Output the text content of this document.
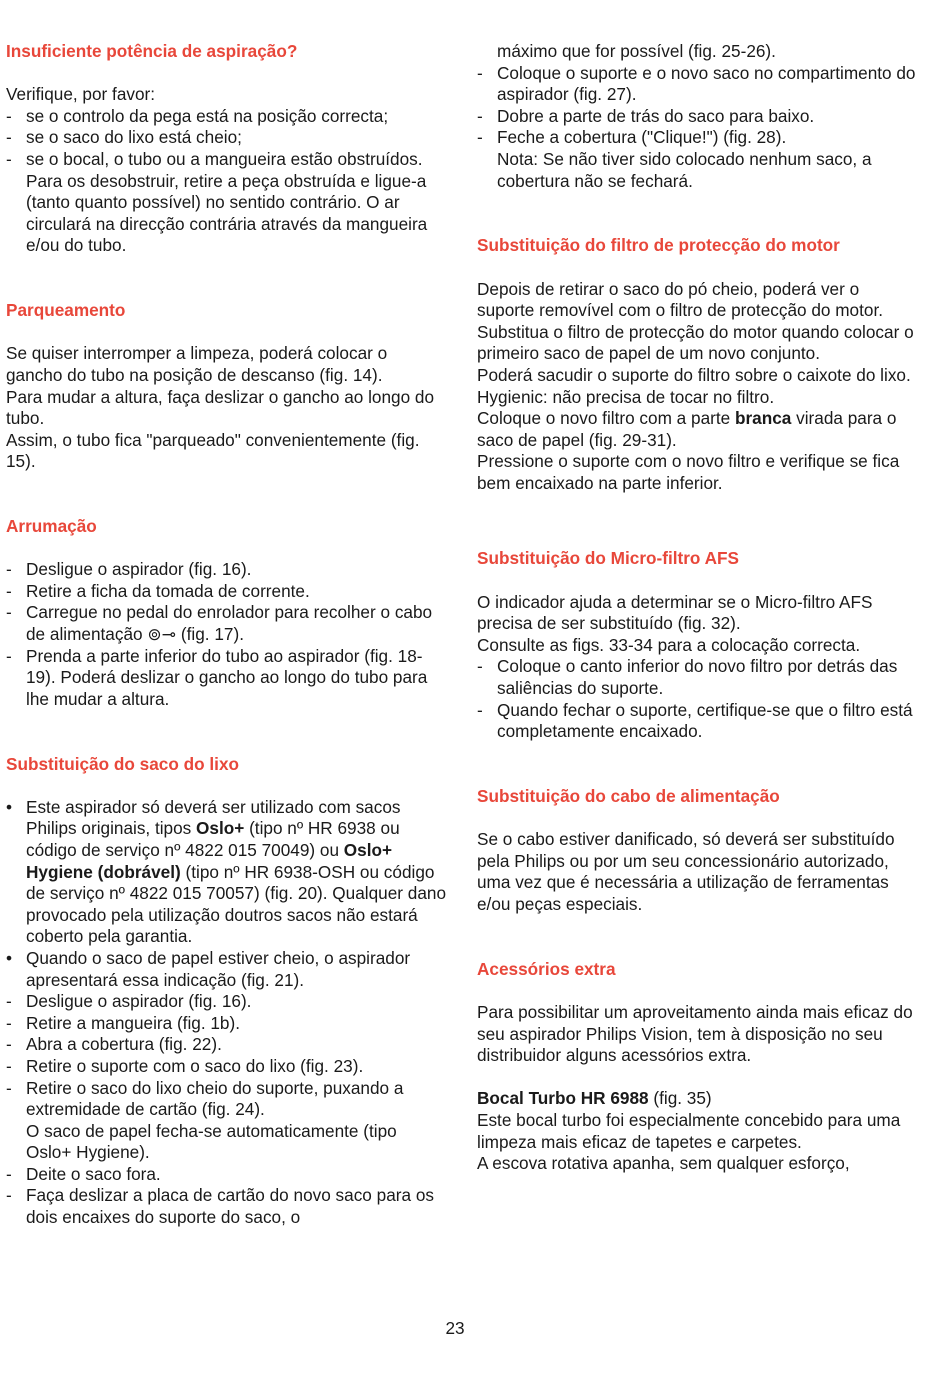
Insuficiente potência de aspiração?

Verifique, por favor:

- se o controlo da pega está na posição correcta;
- se o saco do lixo está cheio;
- se o bocal, o tubo ou a mangueira estão obstruídos.

Para os desobstruir, retire a peça obstruída e ligue-a (tanto quanto possível) no sentido contrário. O ar circulará na direcção contrária através da mangueira e/ou do tubo.

Parqueamento

Se quiser interromper a limpeza, poderá colocar o gancho do tubo na posição de descanso (fig. 14).

Para mudar a altura, faça deslizar o gancho ao longo do tubo.

Assim, o tubo fica "parqueado" convenientemente (fig. 15).

Arrumação
- Desligue o aspirador (fig. 16).
- Retire a ficha da tomada de corrente.
- Carregue no pedal do enrolador para recolher o cabo de alimentação ⊚⊸ (fig. 17).
- Prenda a parte inferior do tubo ao aspirador (fig. 18-19). Poderá deslizar o gancho ao longo do tubo para lhe mudar a altura.
Substituição do saco do lixo
• Este aspirador só deverá ser utilizado com sacos Philips originais, tipos Oslo+ (tipo nº HR 6938 ou código de serviço nº 4822 015 70049) ou Oslo+ Hygiene (dobrável) (tipo nº HR 6938-OSH ou código de serviço nº 4822 015 70057) (fig. 20). Qualquer dano provocado pela utilização doutros sacos não estará coberto pela garantia.
• Quando o saco de papel estiver cheio, o aspirador apresentará essa indicação (fig. 21).
- Desligue o aspirador (fig. 16).
- Retire a mangueira (fig. 1b).
- Abra a cobertura (fig. 22).
- Retire o suporte com o saco do lixo (fig. 23).
- Retire o saco do lixo cheio do suporte, puxando a extremidade de cartão (fig. 24).

O saco de papel fecha-se automaticamente (tipo Oslo+ Hygiene).

- Deite o saco fora.
- Faça deslizar a placa de cartão do novo saco para os dois encaixes do suporte do saco, o

máximo que for possível (fig. 25-26).

- Coloque o suporte e o novo saco no compartimento do aspirador (fig. 27).
- Dobre a parte de trás do saco para baixo.
- Feche a cobertura ("Clique!") (fig. 28).

Nota: Se não tiver sido colocado nenhum saco, a cobertura não se fechará.

Substituição do filtro de protecção do motor

Depois de retirar o saco do pó cheio, poderá ver o suporte removível com o filtro de protecção do motor.

Substitua o filtro de protecção do motor quando colocar o primeiro saco de papel de um novo conjunto.

Poderá sacudir o suporte do filtro sobre o caixote do lixo. Hygienic: não precisa de tocar no filtro.

Coloque o novo filtro com a parte branca virada para o saco de papel (fig. 29-31).

Pressione o suporte com o novo filtro e verifique se fica bem encaixado na parte inferior.

Substituição do Micro-filtro AFS

O indicador ajuda a determinar se o Micro-filtro AFS precisa de ser substituído (fig. 32).

Consulte as figs. 33-34 para a colocação correcta.

- Coloque o canto inferior do novo filtro por detrás das saliências do suporte.
- Quando fechar o suporte, certifique-se que o filtro está completamente encaixado.
Substituição do cabo de alimentação

Se o cabo estiver danificado, só deverá ser substituído pela Philips ou por um seu concessionário autorizado, uma vez que é necessária a utilização de ferramentas e/ou peças especiais.

Acessórios extra

Para possibilitar um aproveitamento ainda mais eficaz do seu aspirador Philips Vision, tem à disposição no seu distribuidor alguns acessórios extra.

Bocal Turbo HR 6988 (fig. 35)

Este bocal turbo foi especialmente concebido para uma limpeza mais eficaz de tapetes e carpetes.

A escova rotativa apanha, sem qualquer esforço,

23
